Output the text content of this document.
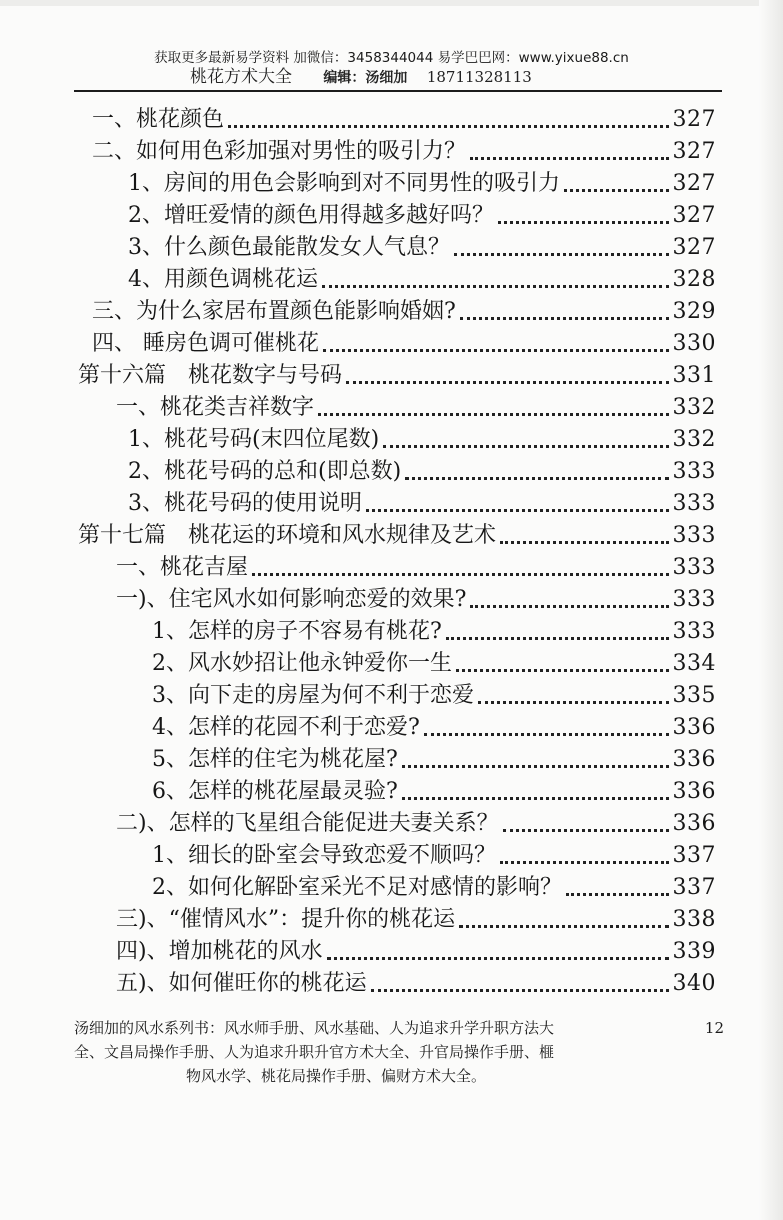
获取更多最新易学资料 加微信：3458344044 易学巴巴网：www.yixue88.cn
桃花方术大全 编辑：汤细加 18711328113
一、桃花颜色	327
二、如何用色彩加强对男性的吸引力？	327
1、房间的用色会影响到对不同男性的吸引力	327
2、增旺爱情的颜色用得越多越好吗？	327
3、什么颜色最能散发女人气息？	327
4、用颜色调桃花运	328
三、为什么家居布置颜色能影响婚姻?	329
四、 睡房色调可催桃花	330
第十六篇　桃花数字与号码	331
一、桃花类吉祥数字	332
1、桃花号码(末四位尾数)	332
2、桃花号码的总和(即总数)	333
3、桃花号码的使用说明	333
第十七篇　桃花运的环境和风水规律及艺术	333
一、桃花吉屋	333
一)、住宅风水如何影响恋爱的效果?	333
1、怎样的房子不容易有桃花?	333
2、风水妙招让他永钟爱你一生	334
3、向下走的房屋为何不利于恋爱	335
4、怎样的花园不利于恋爱?	336
5、怎样的住宅为桃花屋?	336
6、怎样的桃花屋最灵验?	336
二)、怎样的飞星组合能促进夫妻关系？	336
1、细长的卧室会导致恋爱不顺吗？	337
2、如何化解卧室采光不足对感情的影响？	337
三)、“催情风水”：提升你的桃花运	338
四)、增加桃花的风水	339
五)、如何催旺你的桃花运	340
汤细加的风水系列书：风水师手册、风水基础、人为追求升学升职方法大
全、文昌局操作手册、人为追求升职升官方术大全、升官局操作手册、榧
物风水学、桃花局操作手册、偏财方术大全。
12
